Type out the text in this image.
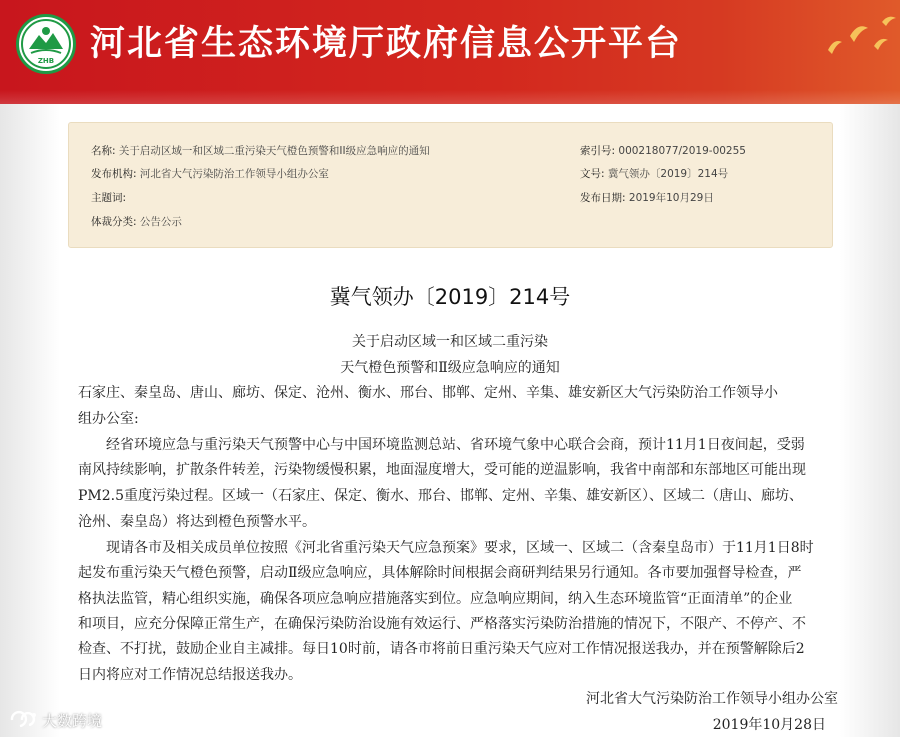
ZHB 河北省生态环境厅政府信息公开平台
名称: 关于启动区域一和区域二重污染天气橙色预警和II级应急响应的通知
发布机构: 河北省大气污染防治工作领导小组办公室
主题词:
体裁分类: 公告公示
索引号: 000218077/2019-00255
文号: 冀气领办〔2019〕214号
发布日期: 2019年10月29日
冀气领办〔2019〕214号
关于启动区域一和区域二重污染
天气橙色预警和Ⅱ级应急响应的通知
石家庄、秦皇岛、唐山、廊坊、保定、沧州、衡水、邢台、邯郸、定州、辛集、雄安新区大气污染防治工作领导小
组办公室:
　　经省环境应急与重污染天气预警中心与中国环境监测总站、省环境气象中心联合会商，预计11月1日夜间起，受弱
南风持续影响，扩散条件转差，污染物缓慢积累，地面湿度增大，受可能的逆温影响，我省中南部和东部地区可能出现
PM2.5重度污染过程。区域一（石家庄、保定、衡水、邢台、邯郸、定州、辛集、雄安新区）、区域二（唐山、廊坊、
沧州、秦皇岛）将达到橙色预警水平。
　　现请各市及相关成员单位按照《河北省重污染天气应急预案》要求，区域一、区域二（含秦皇岛市）于11月1日8时
起发布重污染天气橙色预警，启动Ⅱ级应急响应，具体解除时间根据会商研判结果另行通知。各市要加强督导检查，严
格执法监管，精心组织实施，确保各项应急响应措施落实到位。应急响应期间，纳入生态环境监管“正面清单”的企业
和项目，应充分保障正常生产，在确保污染防治设施有效运行、严格落实污染防治措施的情况下，不限产、不停产、不
检查、不打扰，鼓励企业自主减排。每日10时前，请各市将前日重污染天气应对工作情况报送我办，并在预警解除后2
日内将应对工作情况总结报送我办。
河北省大气污染防治工作领导小组办公室
2019年10月28日
大数跨境
